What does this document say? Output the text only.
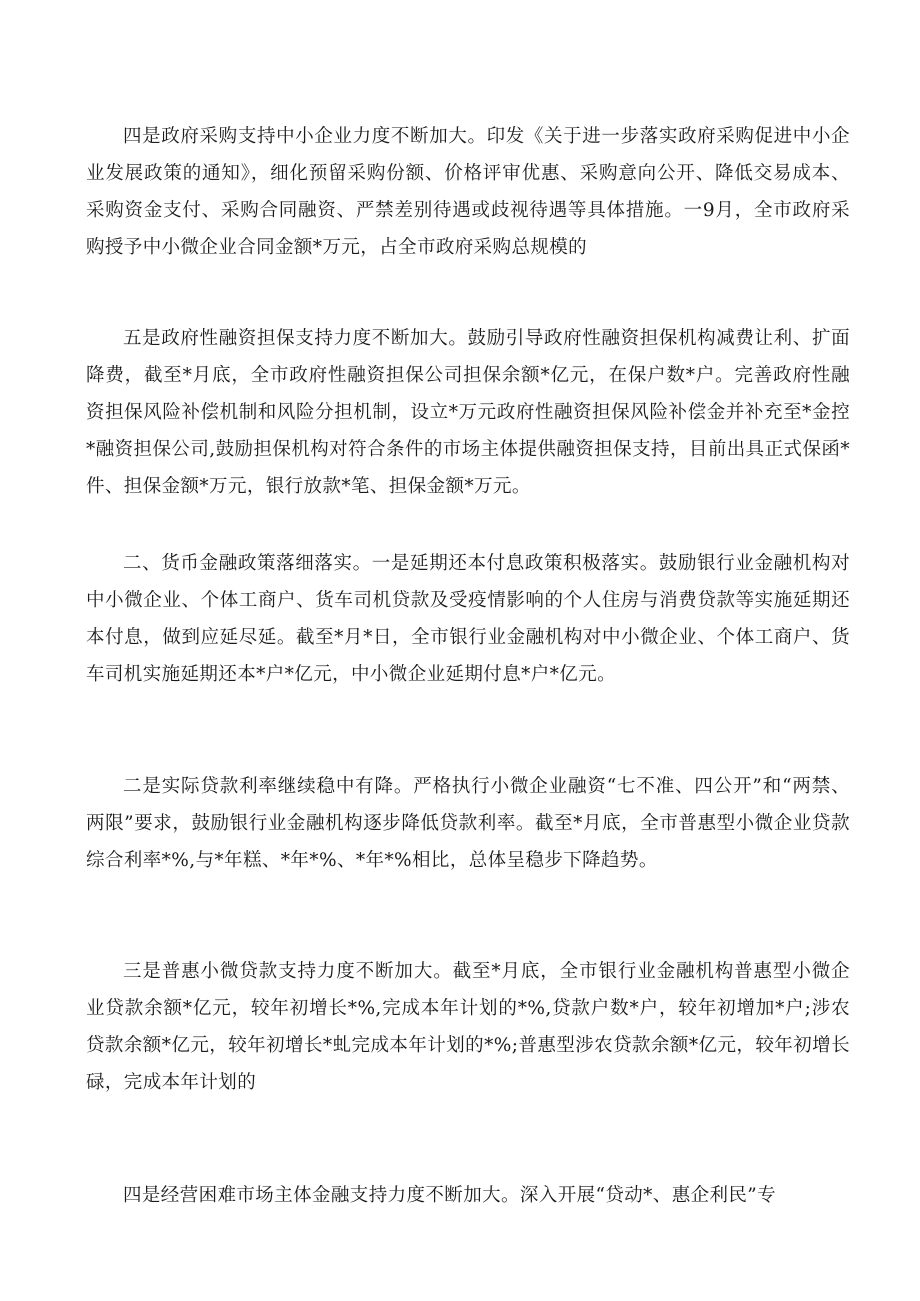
四是政府采购支持中小企业力度不断加大。印发《关于进一步落实政府采购促进中小企业发展政策的通知》，细化预留采购份额、价格评审优惠、采购意向公开、降低交易成本、采购资金支付、采购合同融资、严禁差别待遇或歧视待遇等具体措施。一9月，全市政府采购授予中小微企业合同金额*万元，占全市政府采购总规模的

五是政府性融资担保支持力度不断加大。鼓励引导政府性融资担保机构减费让利、扩面降费，截至*月底，全市政府性融资担保公司担保余额*亿元，在保户数*户。完善政府性融资担保风险补偿机制和风险分担机制，设立*万元政府性融资担保风险补偿金并补充至*金控*融资担保公司,鼓励担保机构对符合条件的市场主体提供融资担保支持，目前出具正式保函*件、担保金额*万元，银行放款*笔、担保金额*万元。

二、货币金融政策落细落实。一是延期还本付息政策积极落实。鼓励银行业金融机构对中小微企业、个体工商户、货车司机贷款及受疫情影响的个人住房与消费贷款等实施延期还本付息，做到应延尽延。截至*月*日，全市银行业金融机构对中小微企业、个体工商户、货车司机实施延期还本*户*亿元，中小微企业延期付息*户*亿元。

二是实际贷款利率继续稳中有降。严格执行小微企业融资“七不准、四公开”和“两禁、两限”要求，鼓励银行业金融机构逐步降低贷款利率。截至*月底，全市普惠型小微企业贷款综合利率*%,与*年糕、*年*%、*年*%相比，总体呈稳步下降趋势。

三是普惠小微贷款支持力度不断加大。截至*月底，全市银行业金融机构普惠型小微企业贷款余额*亿元，较年初增长*%,完成本年计划的*%,贷款户数*户，较年初增加*户;涉农贷款余额*亿元，较年初增长*虬完成本年计划的*%;普惠型涉农贷款余额*亿元，较年初增长碌，完成本年计划的

四是经营困难市场主体金融支持力度不断加大。深入开展“贷动*、惠企利民”专
